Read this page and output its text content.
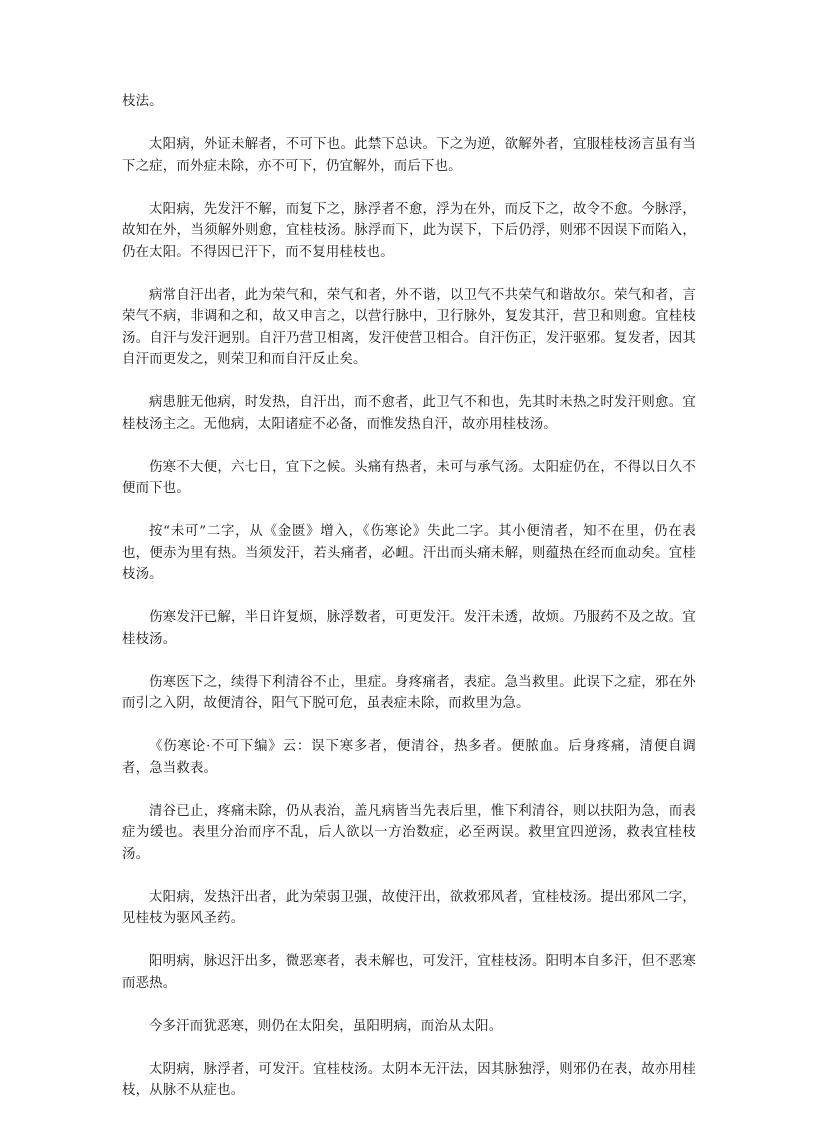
枝法。

太阳病，外证未解者，不可下也。此禁下总诀。下之为逆，欲解外者，宜服桂枝汤言虽有当下之症，而外症未除，亦不可下，仍宜解外，而后下也。

太阳病，先发汗不解，而复下之，脉浮者不愈，浮为在外，而反下之，故令不愈。今脉浮，故知在外，当须解外则愈，宜桂枝汤。脉浮而下，此为误下，下后仍浮，则邪不因误下而陷入，仍在太阳。不得因已汗下，而不复用桂枝也。

病常自汗出者，此为荣气和，荣气和者，外不谐，以卫气不共荣气和谐故尔。荣气和者，言荣气不病，非调和之和，故又申言之，以营行脉中，卫行脉外，复发其汗，营卫和则愈。宜桂枝汤。自汗与发汗迥别。自汗乃营卫相离，发汗使营卫相合。自汗伤正，发汗驱邪。复发者，因其自汗而更发之，则荣卫和而自汗反止矣。

病患脏无他病，时发热，自汗出，而不愈者，此卫气不和也，先其时未热之时发汗则愈。宜桂枝汤主之。无他病，太阳诸症不必备，而惟发热自汗，故亦用桂枝汤。

伤寒不大便，六七日，宜下之候。头痛有热者，未可与承气汤。太阳症仍在，不得以日久不便而下也。

按“未可”二字，从《金匮》增入，《伤寒论》失此二字。其小便清者，知不在里，仍在表也，便赤为里有热。当须发汗，若头痛者，必衄。汗出而头痛未解，则蕴热在经而血动矣。宜桂枝汤。

伤寒发汗已解，半日许复烦，脉浮数者，可更发汗。发汗未透，故烦。乃服药不及之故。宜桂枝汤。

伤寒医下之，续得下利清谷不止，里症。身疼痛者，表症。急当救里。此误下之症，邪在外而引之入阴，故便清谷，阳气下脱可危，虽表症未除，而救里为急。

《伤寒论·不可下编》云：误下寒多者，便清谷，热多者。便脓血。后身疼痛，清便自调者，急当救表。

清谷已止，疼痛未除，仍从表治，盖凡病皆当先表后里，惟下利清谷，则以扶阳为急，而表症为缓也。表里分治而序不乱，后人欲以一方治数症，必至两误。救里宜四逆汤，救表宜桂枝汤。

太阳病，发热汗出者，此为荣弱卫强，故使汗出，欲救邪风者，宜桂枝汤。提出邪风二字，见桂枝为驱风圣药。

阳明病，脉迟汗出多，微恶寒者，表未解也，可发汗，宜桂枝汤。阳明本自多汗，但不恶寒而恶热。

今多汗而犹恶寒，则仍在太阳矣，虽阳明病，而治从太阳。

太阴病，脉浮者，可发汗。宜桂枝汤。太阴本无汗法，因其脉独浮，则邪仍在表，故亦用桂枝，从脉不从症也。
